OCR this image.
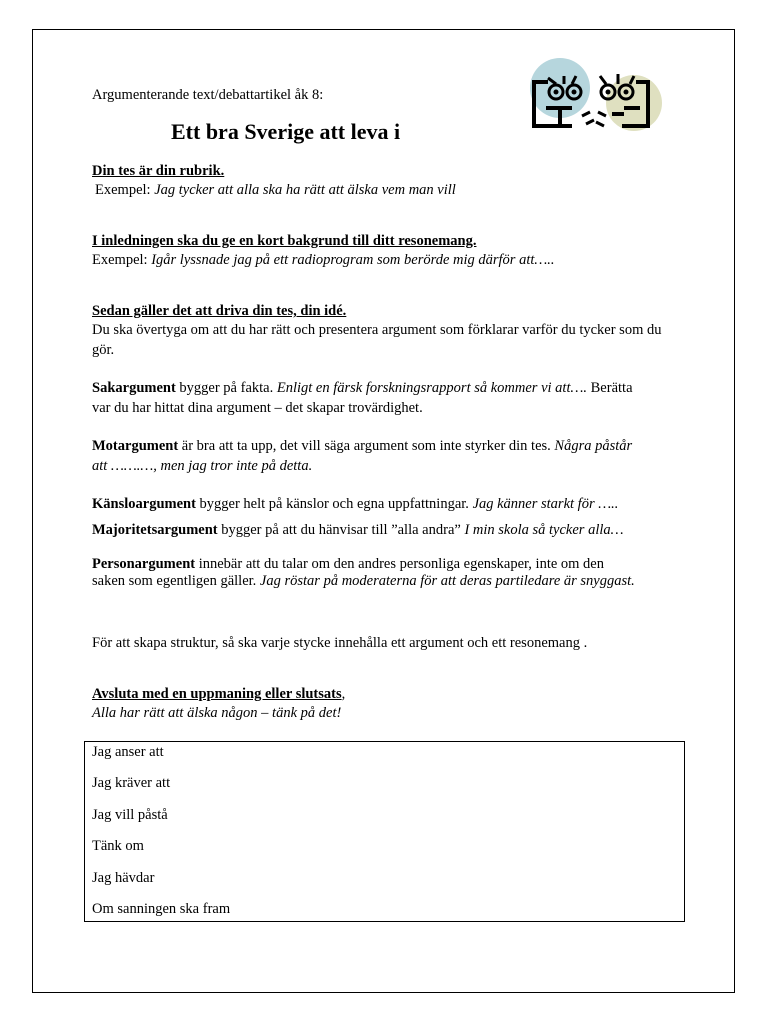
Argumenterande text/debattartikel åk 8:
Ett bra Sverige att leva i
Din tes är din rubrik.
Exempel: Jag tycker att alla ska ha rätt att älska vem man vill
I inledningen ska du ge en kort bakgrund till ditt resonemang.
Exempel: Igår lyssnade jag på ett radioprogram som berörde mig därför att…..
Sedan gäller det att driva din tes, din idé.
Du ska övertyga om att du har rätt och presentera argument som förklarar varför du tycker som du gör.
Sakargument bygger på fakta. Enligt en färsk forskningsrapport så kommer vi att…. Berätta
var du har hittat dina argument – det skapar trovärdighet.
Motargument är bra att ta upp, det vill säga argument som inte styrker din tes. Några påstår
att …….…, men jag tror inte på detta.
Känsloargument bygger helt på känslor och egna uppfattningar. Jag känner starkt för …..
Majoritetsargument bygger på att du hänvisar till ”alla andra” I min skola så tycker alla…
Personargument innebär att du talar om den andres personliga egenskaper, inte om den
saken som egentligen gäller. Jag röstar på moderaterna för att deras partiledare är snyggast.
För att skapa struktur, så ska varje stycke innehålla ett argument och ett resonemang .
Avsluta med en uppmaning eller slutsats,
Alla har rätt att älska någon – tänk på det!
Jag anser att
Jag kräver att
Jag vill påstå
Tänk om
Jag hävdar
Om sanningen ska fram
